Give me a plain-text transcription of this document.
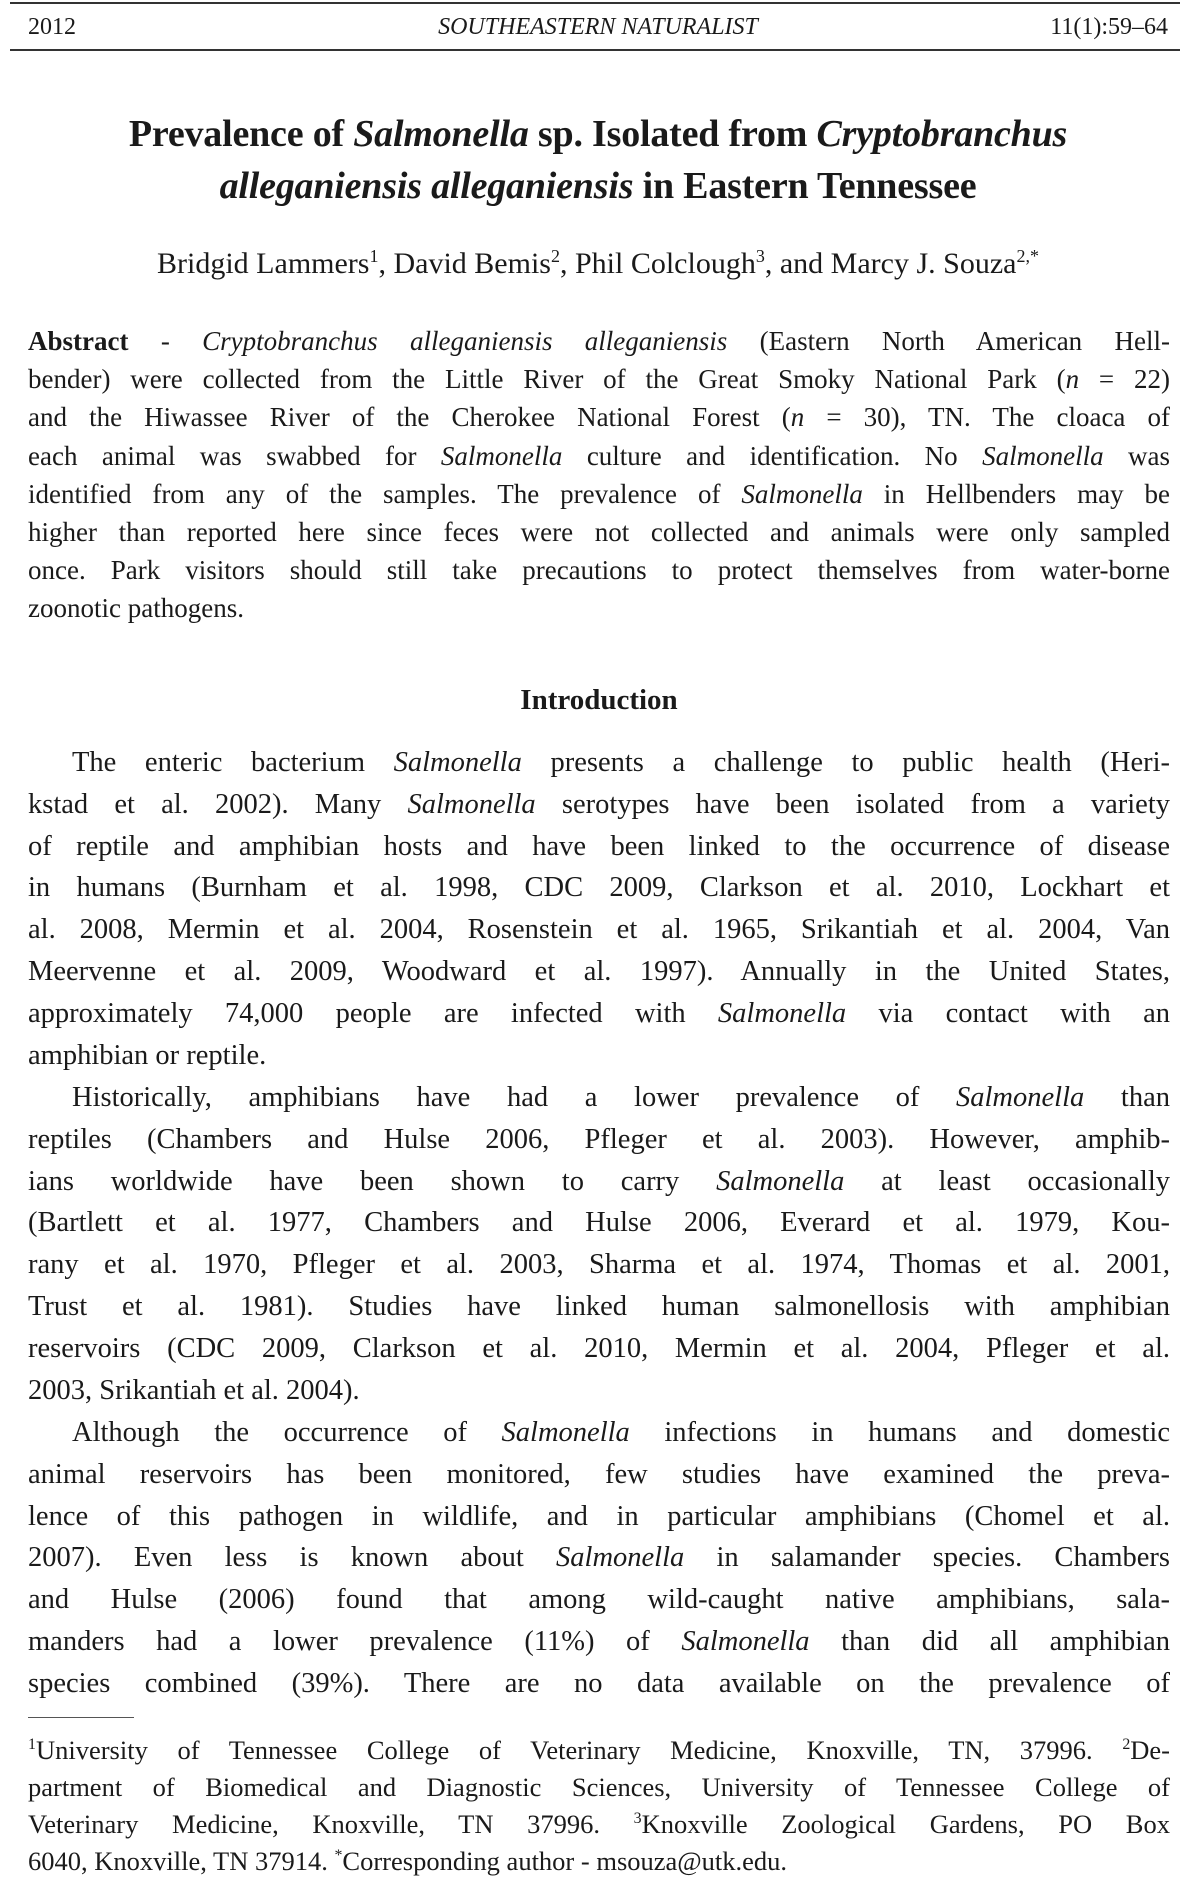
2012	SOUTHEASTERN NATURALIST	11(1):59–64
Prevalence of Salmonella sp. Isolated from Cryptobranchus
alleganiensis alleganiensis in Eastern Tennessee
Bridgid Lammers$^1$, David Bemis$^2$, Phil Colclough$^3$, and Marcy J. Souza$^{2,*}$
Abstract - Cryptobranchus alleganiensis alleganiensis (Eastern North American Hell-
bender) were collected from the Little River of the Great Smoky National Park (n = 22)
and the Hiwassee River of the Cherokee National Forest (n = 30), TN. The cloaca of
each animal was swabbed for Salmonella culture and identification. No Salmonella was
identified from any of the samples. The prevalence of Salmonella in Hellbenders may be
higher than reported here since feces were not collected and animals were only sampled
once. Park visitors should still take precautions to protect themselves from water-borne
zoonotic pathogens.
Introduction
The enteric bacterium Salmonella presents a challenge to public health (Heri-
kstad et al. 2002). Many Salmonella serotypes have been isolated from a variety
of reptile and amphibian hosts and have been linked to the occurrence of disease
in humans (Burnham et al. 1998, CDC 2009, Clarkson et al. 2010, Lockhart et
al. 2008, Mermin et al. 2004, Rosenstein et al. 1965, Srikantiah et al. 2004, Van
Meervenne et al. 2009, Woodward et al. 1997). Annually in the United States,
approximately 74,000 people are infected with Salmonella via contact with an
amphibian or reptile.
Historically, amphibians have had a lower prevalence of Salmonella than
reptiles (Chambers and Hulse 2006, Pfleger et al. 2003). However, amphib-
ians worldwide have been shown to carry Salmonella at least occasionally
(Bartlett et al. 1977, Chambers and Hulse 2006, Everard et al. 1979, Kou-
rany et al. 1970, Pfleger et al. 2003, Sharma et al. 1974, Thomas et al. 2001,
Trust et al. 1981). Studies have linked human salmonellosis with amphibian
reservoirs (CDC 2009, Clarkson et al. 2010, Mermin et al. 2004, Pfleger et al.
2003, Srikantiah et al. 2004).
Although the occurrence of Salmonella infections in humans and domestic
animal reservoirs has been monitored, few studies have examined the preva-
lence of this pathogen in wildlife, and in particular amphibians (Chomel et al.
2007). Even less is known about Salmonella in salamander species. Chambers
and Hulse (2006) found that among wild-caught native amphibians, sala-
manders had a lower prevalence (11%) of Salmonella than did all amphibian
species combined (39%). There are no data available on the prevalence of
$^1$University of Tennessee College of Veterinary Medicine, Knoxville, TN, 37996. $^2$De-
partment of Biomedical and Diagnostic Sciences, University of Tennessee College of
Veterinary Medicine, Knoxville, TN 37996. $^3$Knoxville Zoological Gardens, PO Box
6040, Knoxville, TN 37914. *Corresponding author - msouza@utk.edu.
